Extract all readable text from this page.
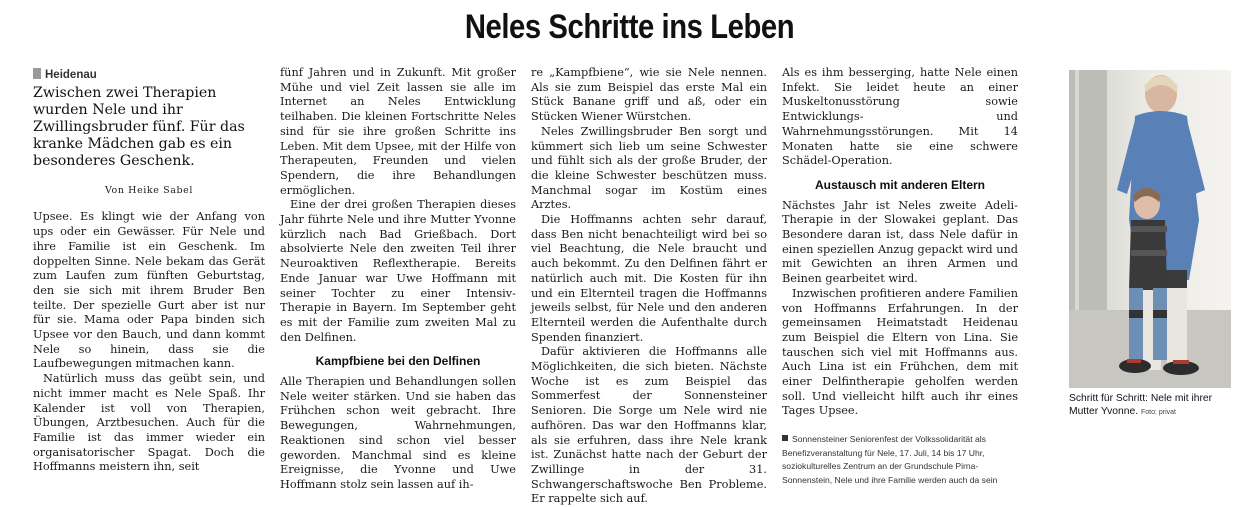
Neles Schritte ins Leben
Heidenau
Zwischen zwei Therapien wurden Nele und ihr Zwillingsbruder fünf. Für das kranke Mädchen gab es ein besonderes Geschenk.
Von Heike Sabel

Upsee. Es klingt wie der Anfang von ups oder ein Gewässer. Für Nele und ihre Familie ist ein Geschenk. Im doppelten Sinne. Nele bekam das Gerät zum Laufen zum fünften Geburtstag, den sie sich mit ihrem Bruder Ben teilte. Der spezielle Gurt aber ist nur für sie. Mama oder Papa binden sich Upsee vor den Bauch, und dann kommt Nele so hinein, dass sie die Laufbewegungen mitmachen kann.

Natürlich muss das geübt sein, und nicht immer macht es Nele Spaß. Ihr Kalender ist voll von Therapien, Übungen, Arztbesuchen. Auch für die Familie ist das immer wieder ein organisatorischer Spagat. Doch die Hoffmanns meistern ihn, seit

fünf Jahren und in Zukunft. Mit großer Mühe und viel Zeit lassen sie alle im Internet an Neles Entwicklung teilhaben. Die kleinen Fortschritte Neles sind für sie ihre großen Schritte ins Leben. Mit dem Upsee, mit der Hilfe von Therapeuten, Freunden und vielen Spendern, die ihre Behandlungen ermöglichen.

Eine der drei großen Therapien dieses Jahr führte Nele und ihre Mutter Yvonne kürzlich nach Bad Grießbach. Dort absolvierte Nele den zweiten Teil ihrer Neuroaktiven Reflextherapie. Bereits Ende Januar war Uwe Hoffmann mit seiner Tochter zu einer Intensiv-Therapie in Bayern. Im September geht es mit der Familie zum zweiten Mal zu den Delfinen.

Kampfbiene bei den Delfinen

Alle Therapien und Behandlungen sollen Nele weiter stärken. Und sie haben das Frühchen schon weit gebracht. Ihre Bewegungen, Wahrnehmungen, Reaktionen sind schon viel besser geworden. Manchmal sind es kleine Ereignisse, die Yvonne und Uwe Hoffmann stolz sein lassen auf ih-

re „Kampfbiene“, wie sie Nele nennen. Als sie zum Beispiel das erste Mal ein Stück Banane griff und aß, oder ein Stücken Wiener Würstchen.

Neles Zwillingsbruder Ben sorgt und kümmert sich lieb um seine Schwester und fühlt sich als der große Bruder, der die kleine Schwester beschützen muss. Manchmal sogar im Kostüm eines Arztes.

Die Hoffmanns achten sehr darauf, dass Ben nicht benachteiligt wird bei so viel Beachtung, die Nele braucht und auch bekommt. Zu den Delfinen fährt er natürlich auch mit. Die Kosten für ihn und ein Elternteil tragen die Hoffmanns jeweils selbst, für Nele und den anderen Elternteil werden die Aufenthalte durch Spenden finanziert.

Dafür aktivieren die Hoffmanns alle Möglichkeiten, die sich bieten. Nächste Woche ist es zum Beispiel das Sommerfest der Sonnensteiner Senioren. Die Sorge um Nele wird nie aufhören. Das war den Hoffmanns klar, als sie erfuhren, dass ihre Nele krank ist. Zunächst hatte nach der Geburt der Zwillinge in der 31. Schwangerschaftswoche Ben Probleme. Er rappelte sich auf.

Als es ihm besserging, hatte Nele einen Infekt. Sie leidet heute an einer Muskeltonusstörung sowie Entwicklungs- und Wahrnehmungsstörungen. Mit 14 Monaten hatte sie eine schwere Schädel-Operation.

Austausch mit anderen Eltern

Nächstes Jahr ist Neles zweite Adeli-Therapie in der Slowakei geplant. Das Besondere daran ist, dass Nele dafür in einen speziellen Anzug gepackt wird und mit Gewichten an ihren Armen und Beinen gearbeitet wird.

Inzwischen profitieren andere Familien von Hoffmanns Erfahrungen. In der gemeinsamen Heimatstadt Heidenau zum Beispiel die Eltern von Lina. Sie tauschen sich viel mit Hoffmanns aus. Auch Lina ist ein Frühchen, dem mit einer Delfintherapie geholfen werden soll. Und vielleicht hilft auch ihr eines Tages Upsee.

Sonnensteiner Seniorenfest der Volkssolidarität als Benefizveranstaltung für Nele, 17. Juli, 14 bis 17 Uhr, soziokulturelles Zentrum an der Grundschule Pirna-Sonnenstein, Nele und ihre Familie werden auch da sein
Schritt für Schritt: Nele mit ihrer Mutter Yvonne. Foto: privat
